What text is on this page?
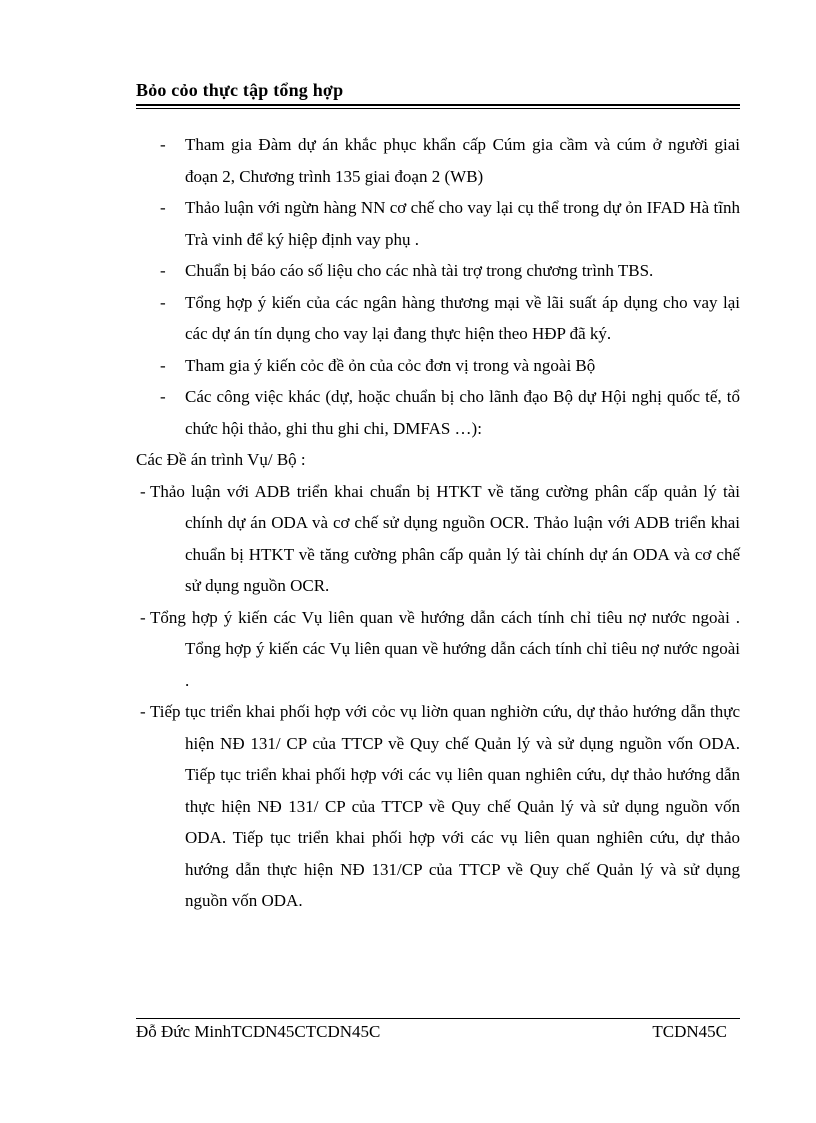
Bỏo cỏo thực tập tổng hợp
- Tham gia Đàm dự án khắc phục khẩn cấp Cúm gia cầm và cúm ở người giai đoạn 2, Chương trình 135 giai đoạn 2 (WB)
- Thảo luận với ngừn hàng NN cơ chế cho vay lại cụ thể trong dự ỏn IFAD Hà tĩnh Trà vinh để ký hiệp định vay phụ .
- Chuẩn bị báo cáo số liệu cho các nhà tài trợ trong chương trình TBS.
- Tổng hợp ý kiến của các ngân hàng thương mại về lãi suất áp dụng cho vay lại các dự án tín dụng cho vay lại đang thực hiện theo HĐP đã ký.
- Tham gia ý kiến cỏc đề ỏn của cỏc đơn vị trong và ngoài Bộ
- Các công việc khác (dự, hoặc chuẩn bị cho lãnh đạo Bộ dự Hội nghị quốc tế, tổ chức hội thảo, ghi thu ghi chi, DMFAS …):
Các Đề án trình Vụ/ Bộ :
- Thảo luận với ADB triển khai chuẩn bị HTKT về tăng cường phân cấp quản lý tài chính dự án ODA và cơ chế sử dụng nguồn OCR. Thảo luận với ADB triển khai chuẩn bị HTKT về tăng cường phân cấp quản lý tài chính dự án ODA và cơ chế sử dụng nguồn OCR.
- Tổng hợp ý kiến các Vụ liên quan về hướng dẫn cách tính chỉ tiêu nợ nước ngoài . Tổng hợp ý kiến các Vụ liên quan về hướng dẫn cách tính chỉ tiêu nợ nước ngoài .
- Tiếp tục triển khai phối hợp với cỏc vụ liờn quan nghiờn cứu, dự thảo hướng dẫn thực hiện NĐ 131/ CP của TTCP về Quy chế Quản lý và sử dụng nguồn vốn ODA. Tiếp tục triển khai phối hợp với các vụ liên quan nghiên cứu, dự thảo hướng dẫn thực hiện NĐ 131/ CP của TTCP về Quy chế Quản lý và sử dụng nguồn vốn ODA. Tiếp tục triển khai phối hợp với các vụ liên quan nghiên cứu, dự thảo hướng dẫn thực hiện NĐ 131/CP của TTCP về Quy chế Quản lý và sử dụng nguồn vốn ODA.
Đỗ Đức MinhTCDN45CTCDN45C	TCDN45C
